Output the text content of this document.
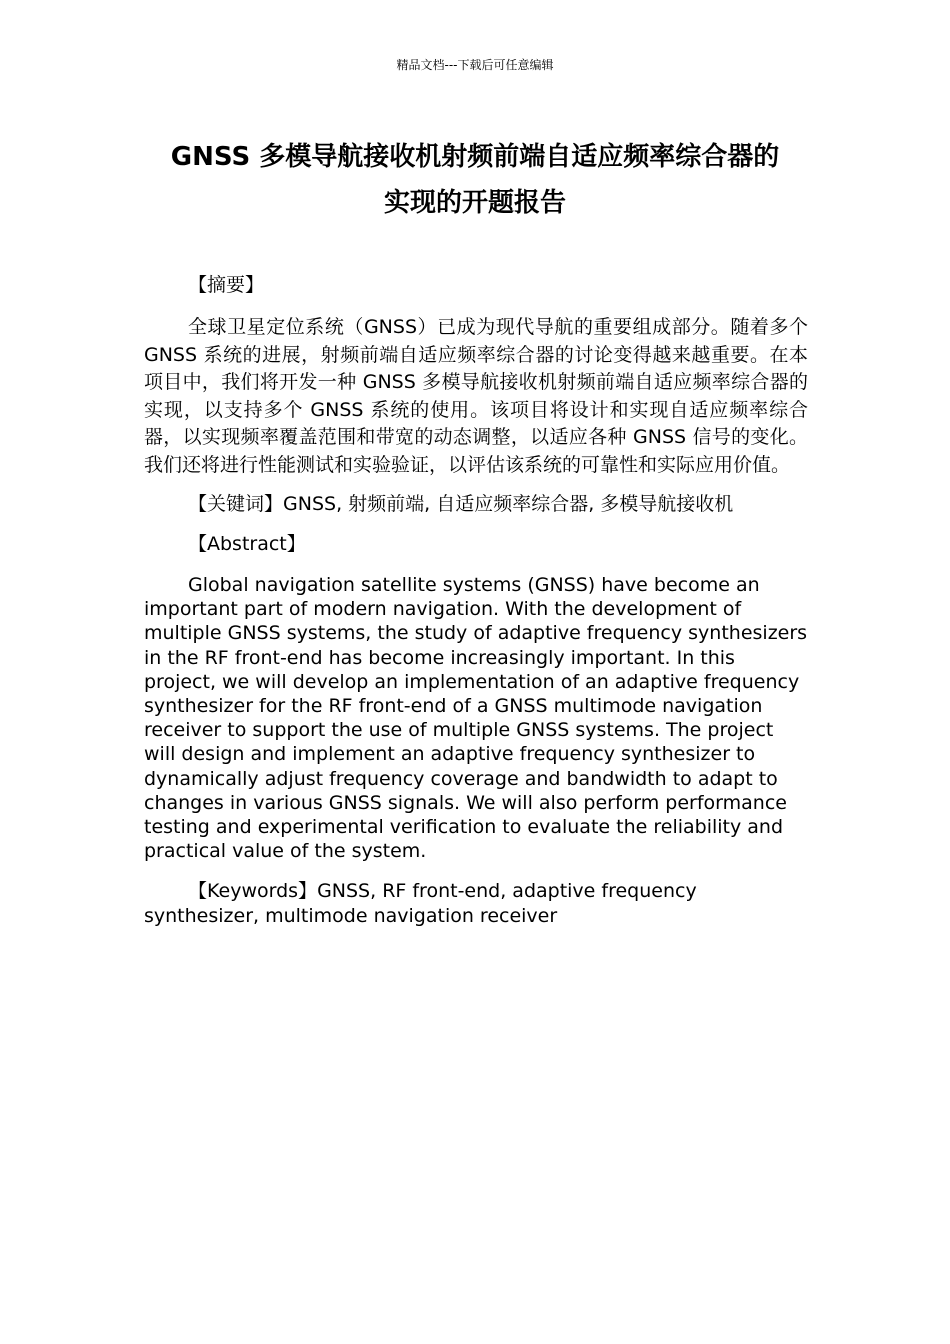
精品文档---下载后可任意编辑
GNSS 多模导航接收机射频前端自适应频率综合器的
实现的开题报告

【摘要】

全球卫星定位系统（GNSS）已成为现代导航的重要组成部分。随着多个 GNSS 系统的进展，射频前端自适应频率综合器的讨论变得越来越重要。在本项目中，我们将开发一种 GNSS 多模导航接收机射频前端自适应频率综合器的实现，以支持多个 GNSS 系统的使用。该项目将设计和实现自适应频率综合器，以实现频率覆盖范围和带宽的动态调整，以适应各种 GNSS 信号的变化。我们还将进行性能测试和实验验证，以评估该系统的可靠性和实际应用价值。

【关键词】GNSS, 射频前端, 自适应频率综合器, 多模导航接收机

【Abstract】

Global navigation satellite systems (GNSS) have become an important part of modern navigation. With the development of multiple GNSS systems, the study of adaptive frequency synthesizers in the RF front-end has become increasingly important. In this project, we will develop an implementation of an adaptive frequency synthesizer for the RF front-end of a GNSS multimode navigation receiver to support the use of multiple GNSS systems. The project will design and implement an adaptive frequency synthesizer to dynamically adjust frequency coverage and bandwidth to adapt to changes in various GNSS signals. We will also perform performance testing and experimental verification to evaluate the reliability and practical value of the system.

【Keywords】GNSS, RF front-end, adaptive frequency synthesizer, multimode navigation receiver
